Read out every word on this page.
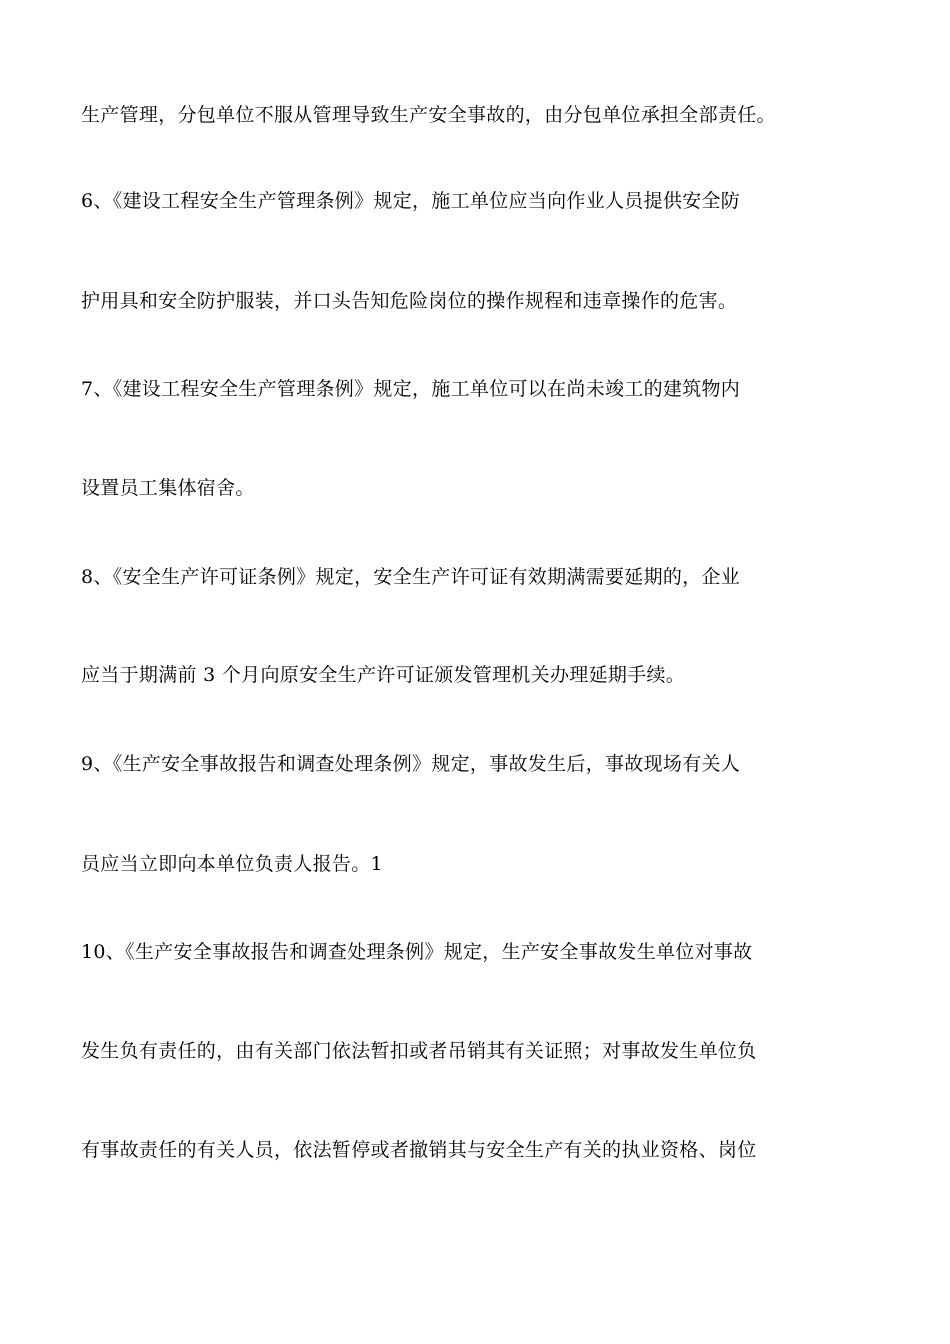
生产管理，分包单位不服从管理导致生产安全事故的，由分包单位承担全部责任。

6、《建设工程安全生产管理条例》规定，施工单位应当向作业人员提供安全防

护用具和安全防护服装，并口头告知危险岗位的操作规程和违章操作的危害。

7、《建设工程安全生产管理条例》规定，施工单位可以在尚未竣工的建筑物内

设置员工集体宿舍。

8、《安全生产许可证条例》规定，安全生产许可证有效期满需要延期的，企业

应当于期满前 3 个月向原安全生产许可证颁发管理机关办理延期手续。

9、《生产安全事故报告和调查处理条例》规定，事故发生后，事故现场有关人

员应当立即向本单位负责人报告。1

10、《生产安全事故报告和调查处理条例》规定，生产安全事故发生单位对事故

发生负有责任的，由有关部门依法暂扣或者吊销其有关证照；对事故发生单位负

有事故责任的有关人员，依法暂停或者撤销其与安全生产有关的执业资格、岗位
